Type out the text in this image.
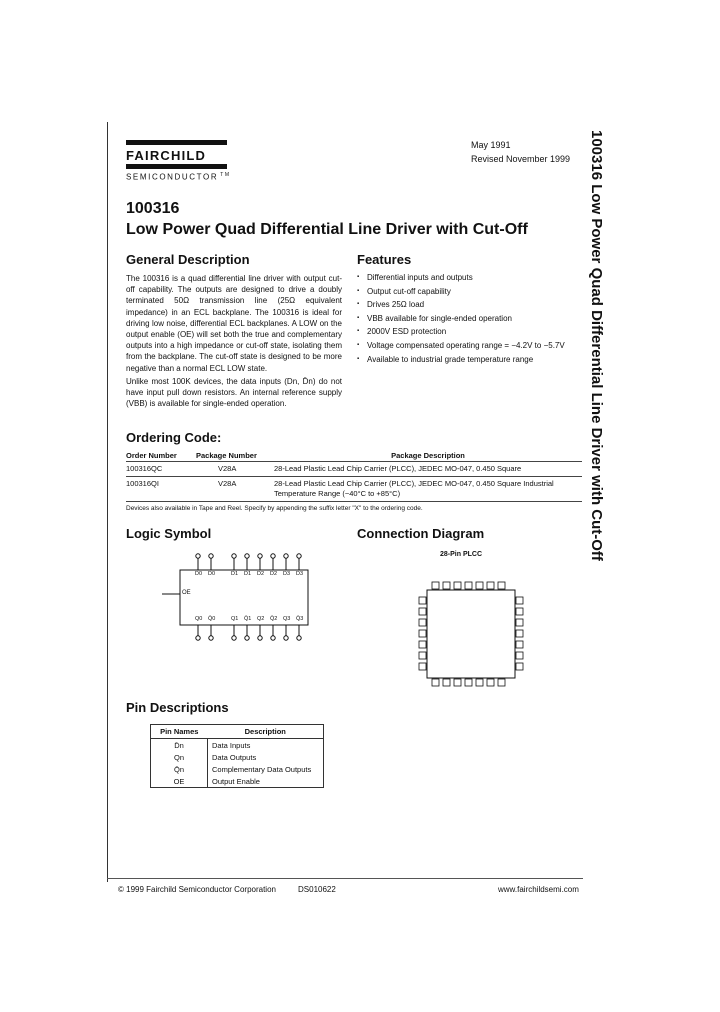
FAIRCHILD
SEMICONDUCTOR ™
May 1991
Revised November 1999
100316
Low Power Quad Differential Line Driver with Cut-Off	100316 Low Power Quad Differential Line Driver with Cut-Off
General Description
The 100316 is a quad differential line driver with output cut-off capability. The outputs are designed to drive a doubly terminated 50Ω transmission line (25Ω equivalent impedance) in an ECL backplane. The 100316 is ideal for driving low noise, differential ECL backplanes. A LOW on the output enable (OE) will set both the true and complementary outputs into a high impedance or cut-off state, isolating them from the backplane. The cut-off state is designed to be more negative than a normal ECL LOW state.
Unlike most 100K devices, the data inputs (Dn, D̄n) do not have input pull down resistors. An internal reference supply (VBB) is available for single-ended operation.
Features
▪ Differential inputs and outputs
▪ Output cut-off capability
▪ Drives 25Ω load
▪ VBB available for single-ended operation
▪ 2000V ESD protection
▪ Voltage compensated operating range = −4.2V to −5.7V
▪ Available to industrial grade temperature range
Ordering Code:
Order Number	Package Number	Package Description
100316QC	V28A	28-Lead Plastic Lead Chip Carrier (PLCC), JEDEC MO-047, 0.450 Square
100316QI	V28A	28-Lead Plastic Lead Chip Carrier (PLCC), JEDEC MO-047, 0.450 Square Industrial Temperature Range (−40°C to +85°C)
Devices also available in Tape and Reel. Specify by appending the suffix letter "X" to the ordering code.
Logic Symbol
OE
D0 D̄0	D1 D̄1 D2 D̄2 D3 D̄3
Q0 Q̄0	Q1 Q̄1 Q2 Q̄2 Q3 Q̄3
Connection Diagram
28-Pin PLCC
Pin Descriptions
Pin Names	Description
D̄n	Data Inputs
Qn	Data Outputs
Q̄n	Complementary Data Outputs
OE	Output Enable
© 1999 Fairchild Semiconductor Corporation	DS010622	www.fairchildsemi.com
